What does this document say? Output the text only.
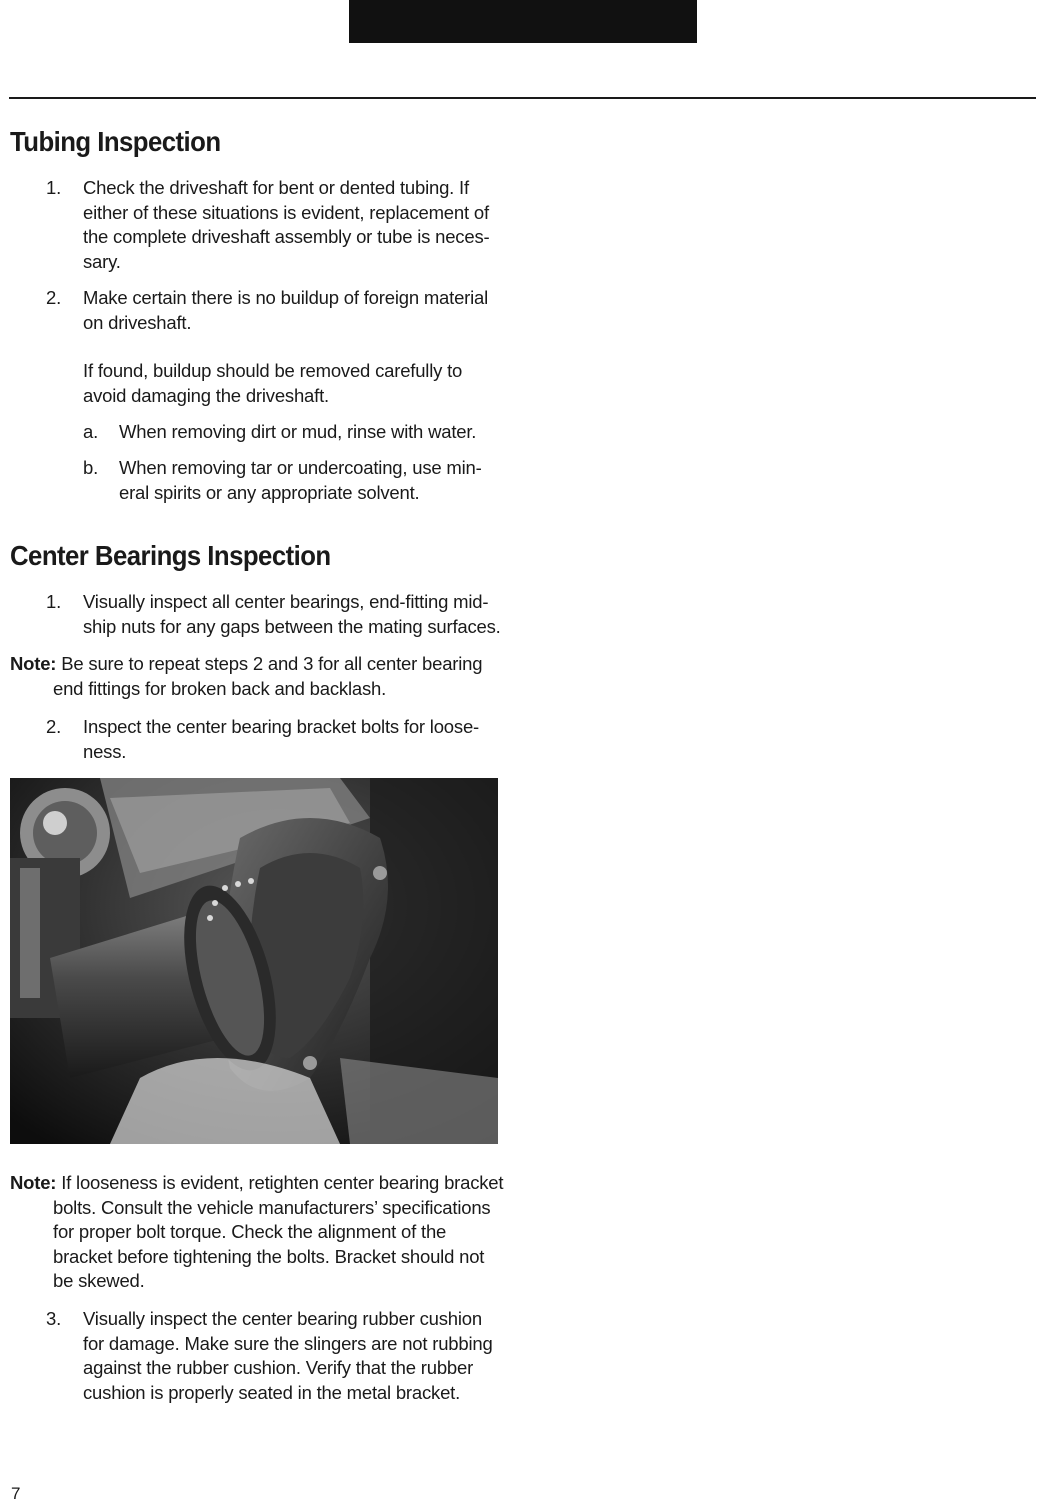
Tubing Inspection
1. Check the driveshaft for bent or dented tubing. If either of these situations is evident, replacement of the complete driveshaft assembly or tube is neces-sary.
2. Make certain there is no buildup of foreign material on driveshaft.

If found, buildup should be removed carefully to avoid damaging the driveshaft.

a. When removing dirt or mud, rinse with water.
b. When removing tar or undercoating, use min-eral spirits or any appropriate solvent.
Center Bearings Inspection
1. Visually inspect all center bearings, end-fitting mid-ship nuts for any gaps between the mating surfaces.
Note: Be sure to repeat steps 2 and 3 for all center bearing end fittings for broken back and backlash.
2. Inspect the center bearing bracket bolts for loose-ness.
Note: If looseness is evident, retighten center bearing bracket bolts. Consult the vehicle manufacturers’ specifications for proper bolt torque. Check the alignment of the bracket before tightening the bolts. Bracket should not be skewed.
3. Visually inspect the center bearing rubber cushion for damage. Make sure the slingers are not rubbing against the rubber cushion. Verify that the rubber cushion is properly seated in the metal bracket.
7
